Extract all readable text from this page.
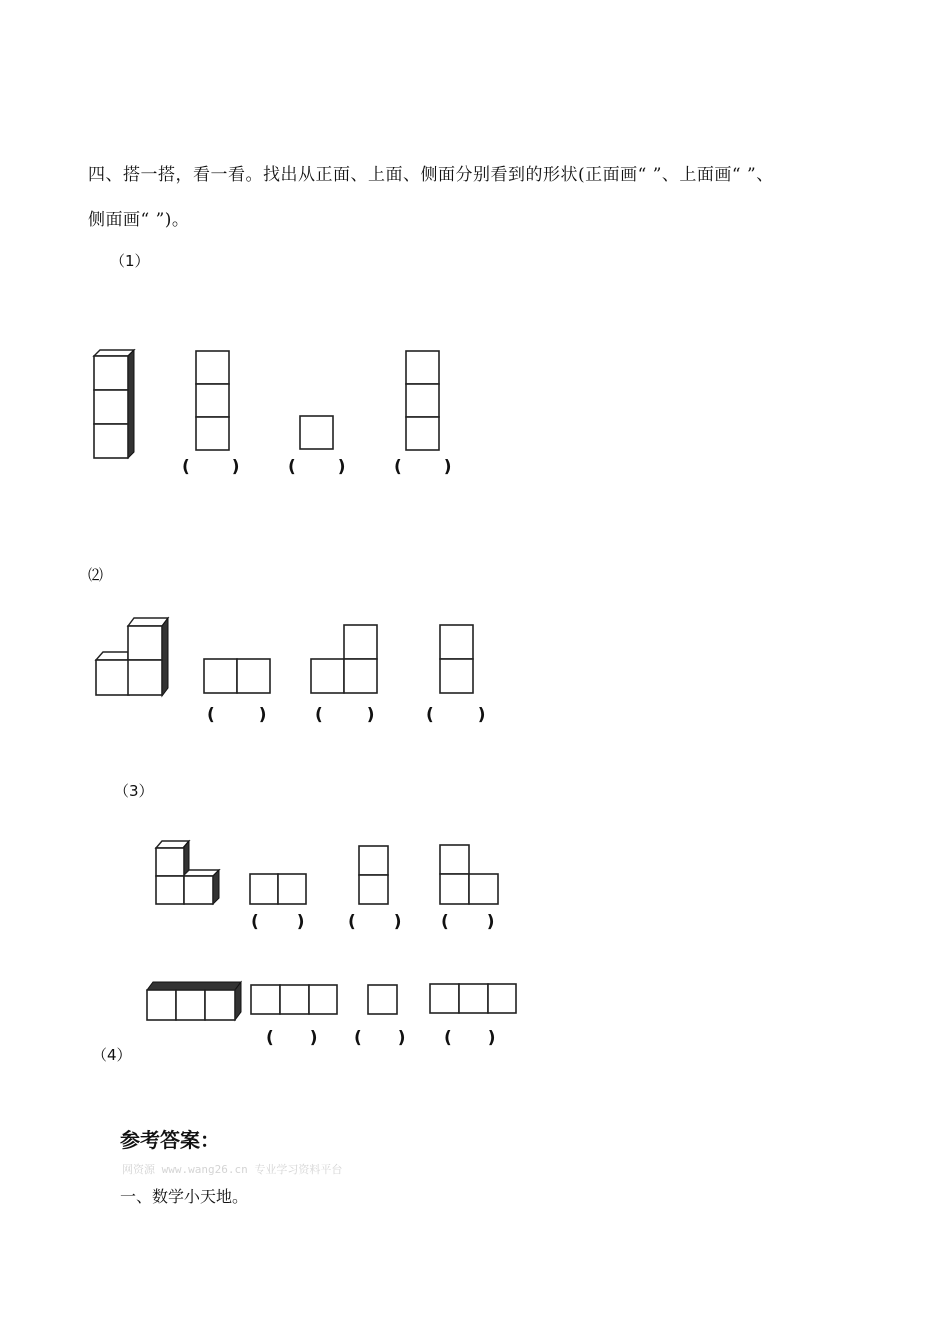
四、搭一搭，看一看。找出从正面、上面、侧面分别看到的形状(正面画“ ”、上面画“ ”、
侧面画“ ”)。
（1）
( )	( )	( )
⑵
(	)	(	)	(	)
（3）
( )	( ) ( )
( ) ( ) ( )
（4）
参考答案：
网资源 www.wang26.cn 专业学习资料平台
一、数学小天地。
